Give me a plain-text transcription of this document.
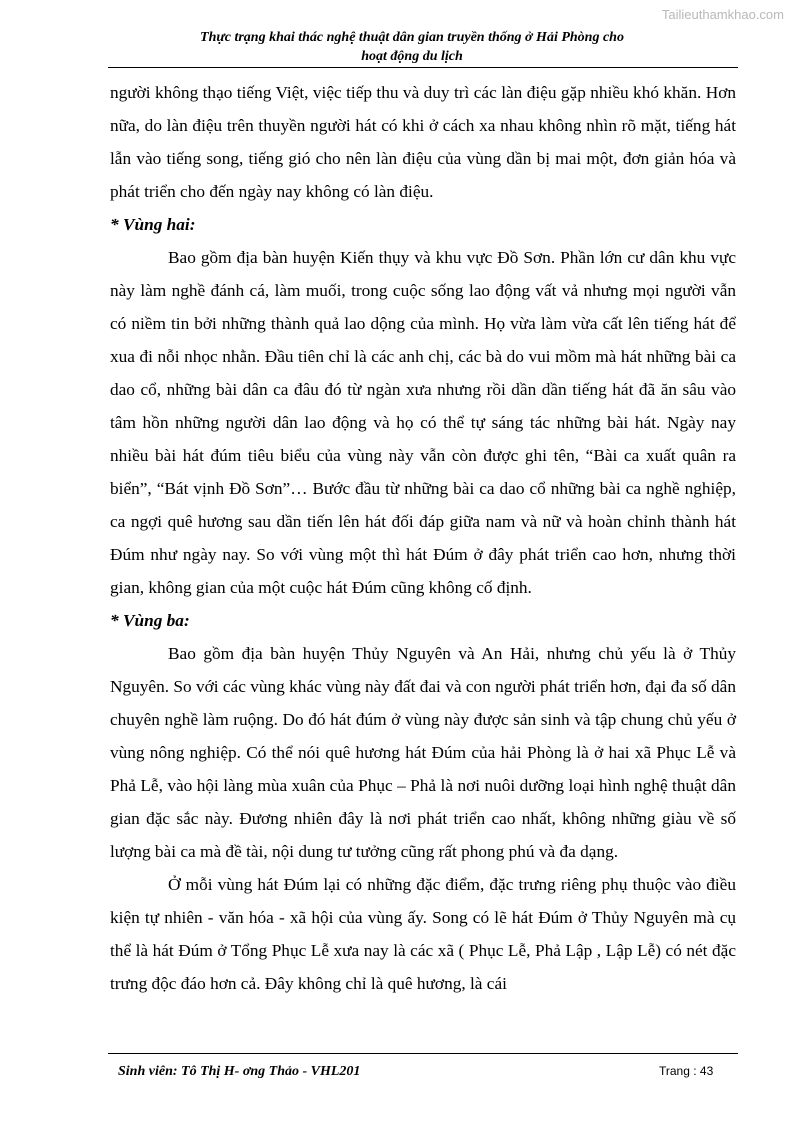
Tailieuthamkhao.com
Thực trạng khai thác nghệ thuật dân gian truyền thống ở Hải Phòng cho
hoạt động du lịch

người không thạo tiếng Việt, việc tiếp thu và duy trì các làn điệu gặp nhiều khó khăn. Hơn nữa, do làn điệu trên thuyền người hát có khi ở cách xa nhau không nhìn rõ mặt, tiếng hát lẫn vào tiếng song, tiếng gió cho nên làn điệu của vùng dần bị mai một, đơn giản hóa và phát triển cho đến ngày nay không có làn điệu.

* Vùng hai:

Bao gồm địa bàn huyện Kiến thụy và khu vực Đồ Sơn. Phần lớn cư dân khu vực này làm nghề đánh cá, làm muối, trong cuộc sống lao động vất vả nhưng mọi người vẫn có niềm tin bởi những thành quả lao dộng của mình. Họ vừa làm vừa cất lên tiếng hát để xua đi nỗi nhọc nhằn. Đầu tiên chỉ là các anh chị, các bà do vui mồm mà hát những bài ca dao cổ, những bài dân ca đâu đó từ ngàn xưa nhưng rồi dần dần tiếng hát đã ăn sâu vào tâm hồn những người dân lao động và họ có thể tự sáng tác những bài hát. Ngày nay nhiều bài hát đúm tiêu biểu của vùng này vẫn còn được ghi tên, “Bài ca xuất quân ra biển”, “Bát vịnh Đồ Sơn”… Bước đầu từ những bài ca dao cổ những bài ca nghề nghiệp, ca ngợi quê hương sau dần tiến lên hát đối đáp giữa nam và nữ và hoàn chỉnh thành hát Đúm như ngày nay. So với vùng một thì hát Đúm ở đây phát triển cao hơn, nhưng thời gian, không gian của một cuộc hát Đúm cũng không cố định.

* Vùng ba:

Bao gồm địa bàn huyện Thủy Nguyên và An Hải, nhưng chủ yếu là ở Thủy Nguyên. So với các vùng khác vùng này đất đai và con người phát triển hơn, đại đa số dân chuyên nghề làm ruộng. Do đó hát đúm ở vùng này được sản sinh và tập chung chủ yếu ở vùng nông nghiệp. Có thể nói quê hương hát Đúm của hải Phòng là ở hai xã Phục Lễ và Phả Lễ, vào hội làng mùa xuân của Phục – Phả là nơi nuôi dưỡng loại hình nghệ thuật dân gian đặc sắc này. Đương nhiên đây là nơi phát triển cao nhất, không những giàu về số lượng bài ca mà đề tài, nội dung tư tưởng cũng rất phong phú và đa dạng.

Ở mỗi vùng hát Đúm lại có những đặc điểm, đặc trưng riêng phụ thuộc vào điều kiện tự nhiên - văn hóa - xã hội của vùng ấy. Song có lẽ hát Đúm ở Thủy Nguyên mà cụ thể là hát Đúm ở Tổng Phục Lễ xưa nay là các xã ( Phục Lễ, Phả Lập , Lập Lễ) có nét đặc trưng độc đáo hơn cả. Đây không chỉ là quê hương, là cái

Sinh viên: Tô Thị H- ơng Thảo - VHL201	Trang : 43
